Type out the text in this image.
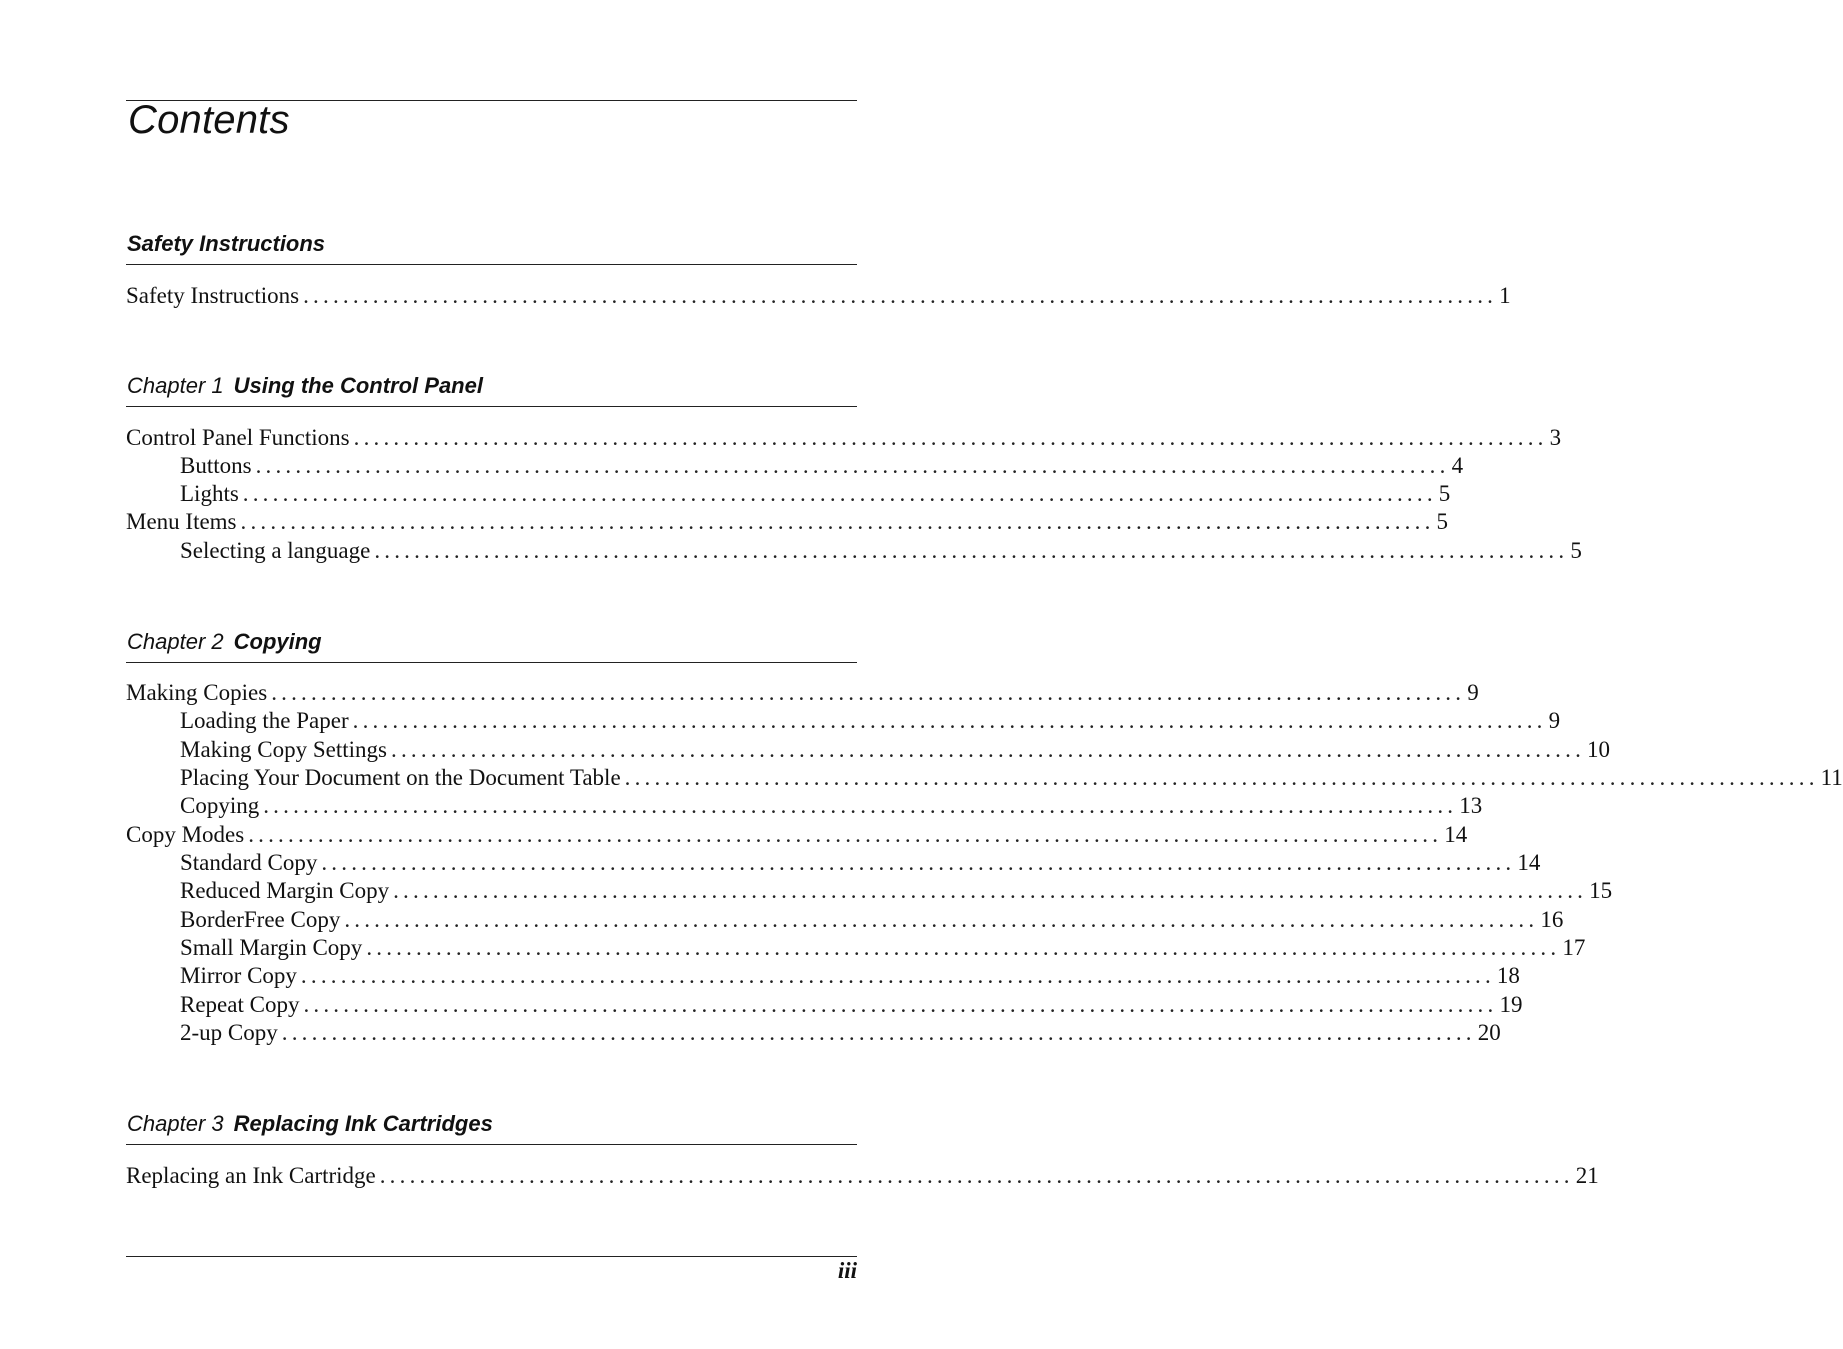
Contents
Safety Instructions
Safety Instructions ........................................................................................................................ 1
Chapter 1 Using the Control Panel
Control Panel Functions ........................................................................................................................ 3
Buttons ........................................................................................................................ 4
Lights ........................................................................................................................ 5
Menu Items ........................................................................................................................ 5
Selecting a language ........................................................................................................................ 5
Chapter 2 Copying
Making Copies ........................................................................................................................ 9
Loading the Paper ........................................................................................................................ 9
Making Copy Settings ........................................................................................................................ 10
Placing Your Document on the Document Table ........................................................................................................................ 11
Copying ........................................................................................................................ 13
Copy Modes ........................................................................................................................ 14
Standard Copy ........................................................................................................................ 14
Reduced Margin Copy ........................................................................................................................ 15
BorderFree Copy ........................................................................................................................ 16
Small Margin Copy ........................................................................................................................ 17
Mirror Copy ........................................................................................................................ 18
Repeat Copy ........................................................................................................................ 19
2-up Copy ........................................................................................................................ 20
Chapter 3 Replacing Ink Cartridges
Replacing an Ink Cartridge ........................................................................................................................ 21
iii
